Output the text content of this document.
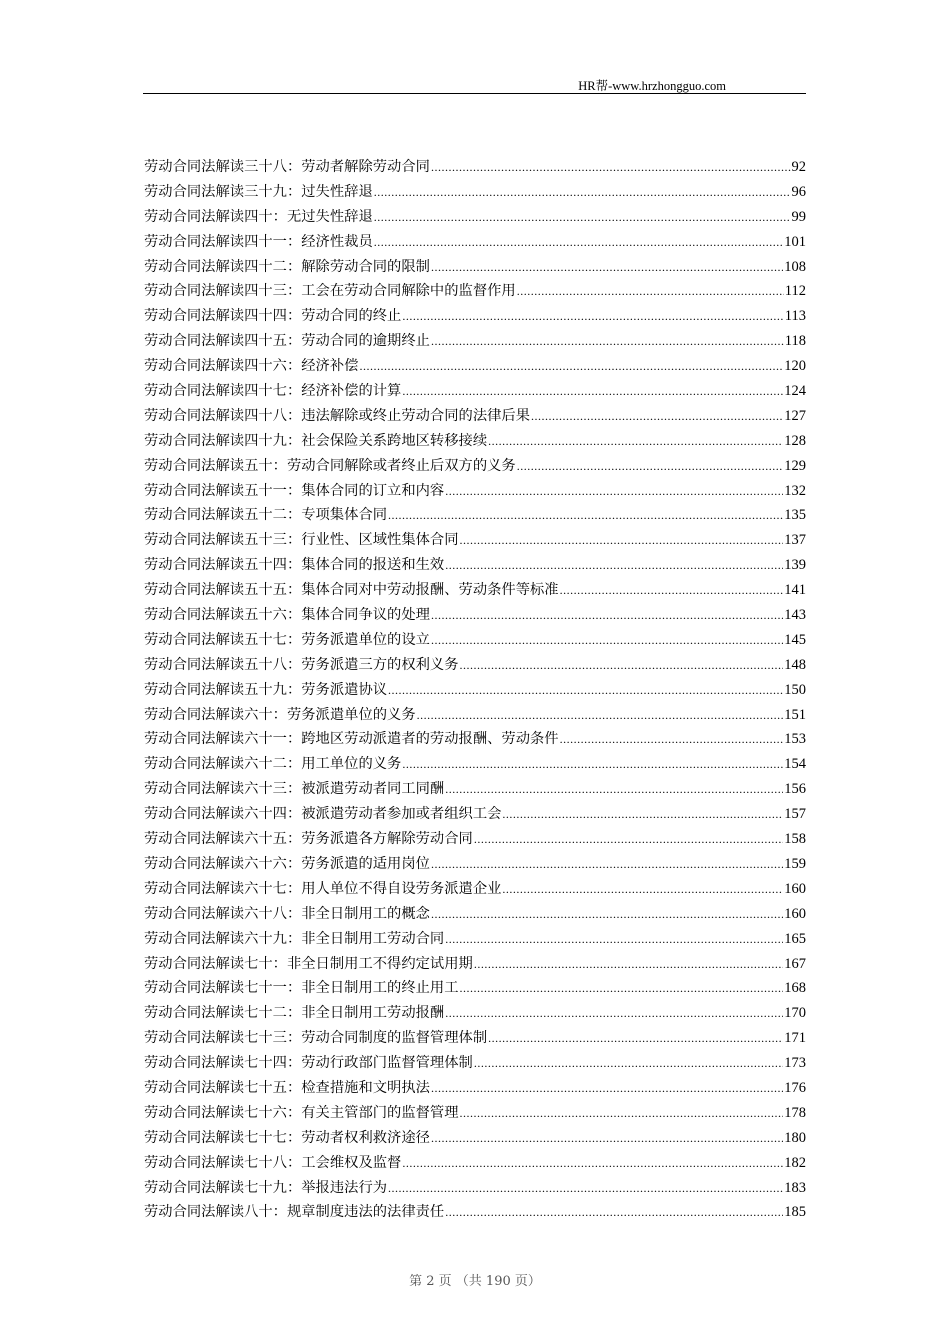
HR帮-www.hrzhongguo.com
劳动合同法解读三十八：劳动者解除劳动合同 .....	92
劳动合同法解读三十九：过失性辞退 .....	96
劳动合同法解读四十：无过失性辞退 .....	99
劳动合同法解读四十一：经济性裁员 .....	101
劳动合同法解读四十二：解除劳动合同的限制 .....	108
劳动合同法解读四十三：工会在劳动合同解除中的监督作用 .....	112
劳动合同法解读四十四：劳动合同的终止 .....	113
劳动合同法解读四十五：劳动合同的逾期终止 .....	118
劳动合同法解读四十六：经济补偿 .....	120
劳动合同法解读四十七：经济补偿的计算 .....	124
劳动合同法解读四十八：违法解除或终止劳动合同的法律后果 .....	127
劳动合同法解读四十九：社会保险关系跨地区转移接续 .....	128
劳动合同法解读五十：劳动合同解除或者终止后双方的义务 .....	129
劳动合同法解读五十一：集体合同的订立和内容 .....	132
劳动合同法解读五十二：专项集体合同 .....	135
劳动合同法解读五十三：行业性、区域性集体合同 .....	137
劳动合同法解读五十四：集体合同的报送和生效 .....	139
劳动合同法解读五十五：集体合同对中劳动报酬、劳动条件等标准 .....	141
劳动合同法解读五十六：集体合同争议的处理 .....	143
劳动合同法解读五十七：劳务派遣单位的设立 .....	145
劳动合同法解读五十八：劳务派遣三方的权利义务 .....	148
劳动合同法解读五十九：劳务派遣协议 .....	150
劳动合同法解读六十：劳务派遣单位的义务 .....	151
劳动合同法解读六十一：跨地区劳动派遣者的劳动报酬、劳动条件 .....	153
劳动合同法解读六十二：用工单位的义务 .....	154
劳动合同法解读六十三：被派遣劳动者同工同酬 .....	156
劳动合同法解读六十四：被派遣劳动者参加或者组织工会 .....	157
劳动合同法解读六十五：劳务派遣各方解除劳动合同 .....	158
劳动合同法解读六十六：劳务派遣的适用岗位 .....	159
劳动合同法解读六十七：用人单位不得自设劳务派遣企业 .....	160
劳动合同法解读六十八：非全日制用工的概念 .....	160
劳动合同法解读六十九：非全日制用工劳动合同 .....	165
劳动合同法解读七十：非全日制用工不得约定试用期 .....	167
劳动合同法解读七十一：非全日制用工的终止用工 .....	168
劳动合同法解读七十二：非全日制用工劳动报酬 .....	170
劳动合同法解读七十三：劳动合同制度的监督管理体制 .....	171
劳动合同法解读七十四：劳动行政部门监督管理体制 .....	173
劳动合同法解读七十五：检查措施和文明执法 .....	176
劳动合同法解读七十六：有关主管部门的监督管理 .....	178
劳动合同法解读七十七：劳动者权利救济途径 .....	180
劳动合同法解读七十八：工会维权及监督 .....	182
劳动合同法解读七十九：举报违法行为 .....	183
劳动合同法解读八十：规章制度违法的法律责任 .....	185
第 2 页 （共 190 页）
